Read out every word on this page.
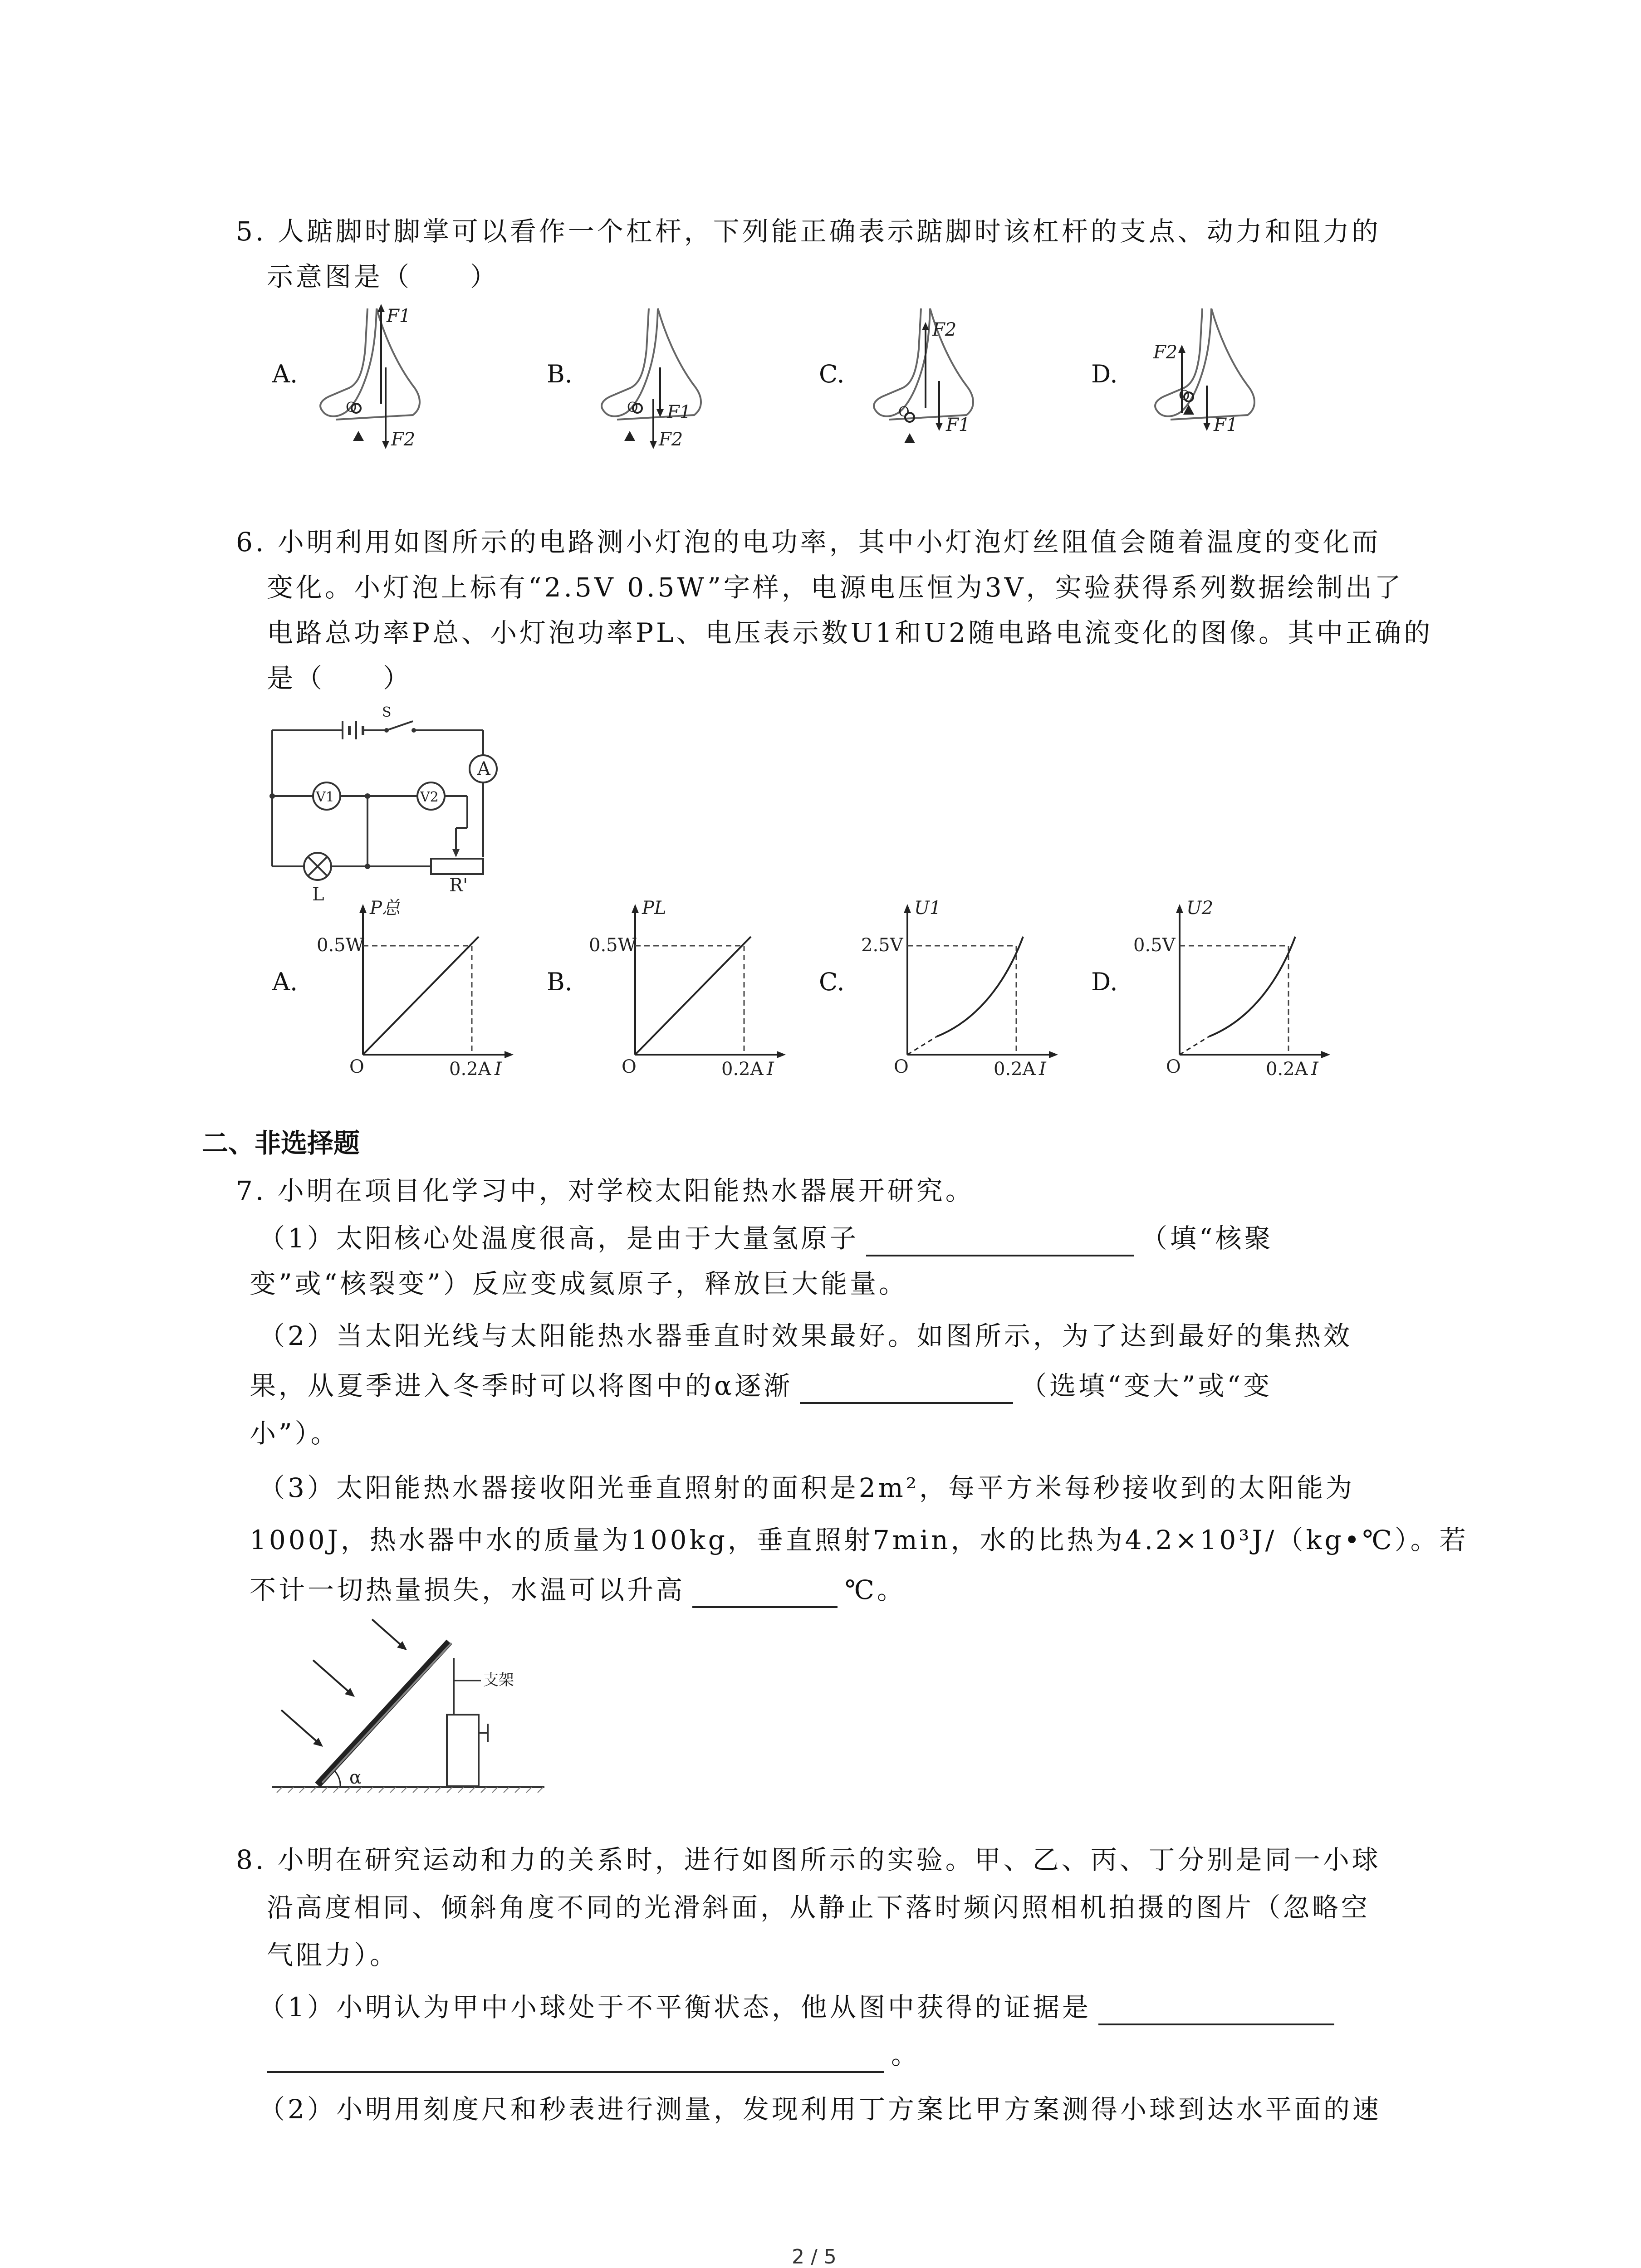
5. 人踮脚时脚掌可以看作一个杠杆，下列能正确表示踮脚时该杠杆的支点、动力和阻力的
示意图是（　　）
A.	B.	C.	D.
O
F1
F2
O F1
F2
O
F2
F1
O
F2
F1
6. 小明利用如图所示的电路测小灯泡的电功率，其中小灯泡灯丝阻值会随着温度的变化而
变化。小灯泡上标有“2.5V 0.5W”字样，电源电压恒为3V，实验获得系列数据绘制出了
电路总功率P总、小灯泡功率PL、电压表示数U1和U2随电路电流变化的图像。其中正确的
是（　　）
S
A
V1	V2
L	R'
A.	B.	C.	D.
P总
0.5W
0.2A I
O
PL
0.5W
0.2A I
O
U1
2.5V
0.2A I
O
U2
0.5V
0.2A I
O
二、非选择题
7. 小明在项目化学习中，对学校太阳能热水器展开研究。
（1）太阳核心处温度很高，是由于大量氢原子	（填“核聚
变”或“核裂变”）反应变成氦原子，释放巨大能量。
（2）当太阳光线与太阳能热水器垂直时效果最好。如图所示，为了达到最好的集热效
果，从夏季进入冬季时可以将图中的α逐渐	（选填“变大”或“变
小”）。
（3）太阳能热水器接收阳光垂直照射的面积是2m²，每平方米每秒接收到的太阳能为
1000J，热水器中水的质量为100kg，垂直照射7min，水的比热为4.2×10³J/（kg•℃）。若
不计一切热量损失，水温可以升高	℃。
支架
α
8. 小明在研究运动和力的关系时，进行如图所示的实验。甲、乙、丙、丁分别是同一小球
沿高度相同、倾斜角度不同的光滑斜面，从静止下落时频闪照相机拍摄的图片（忽略空
气阻力）。
（1）小明认为甲中小球处于不平衡状态，他从图中获得的证据是
。
（2）小明用刻度尺和秒表进行测量，发现利用丁方案比甲方案测得小球到达水平面的速
2 / 5
